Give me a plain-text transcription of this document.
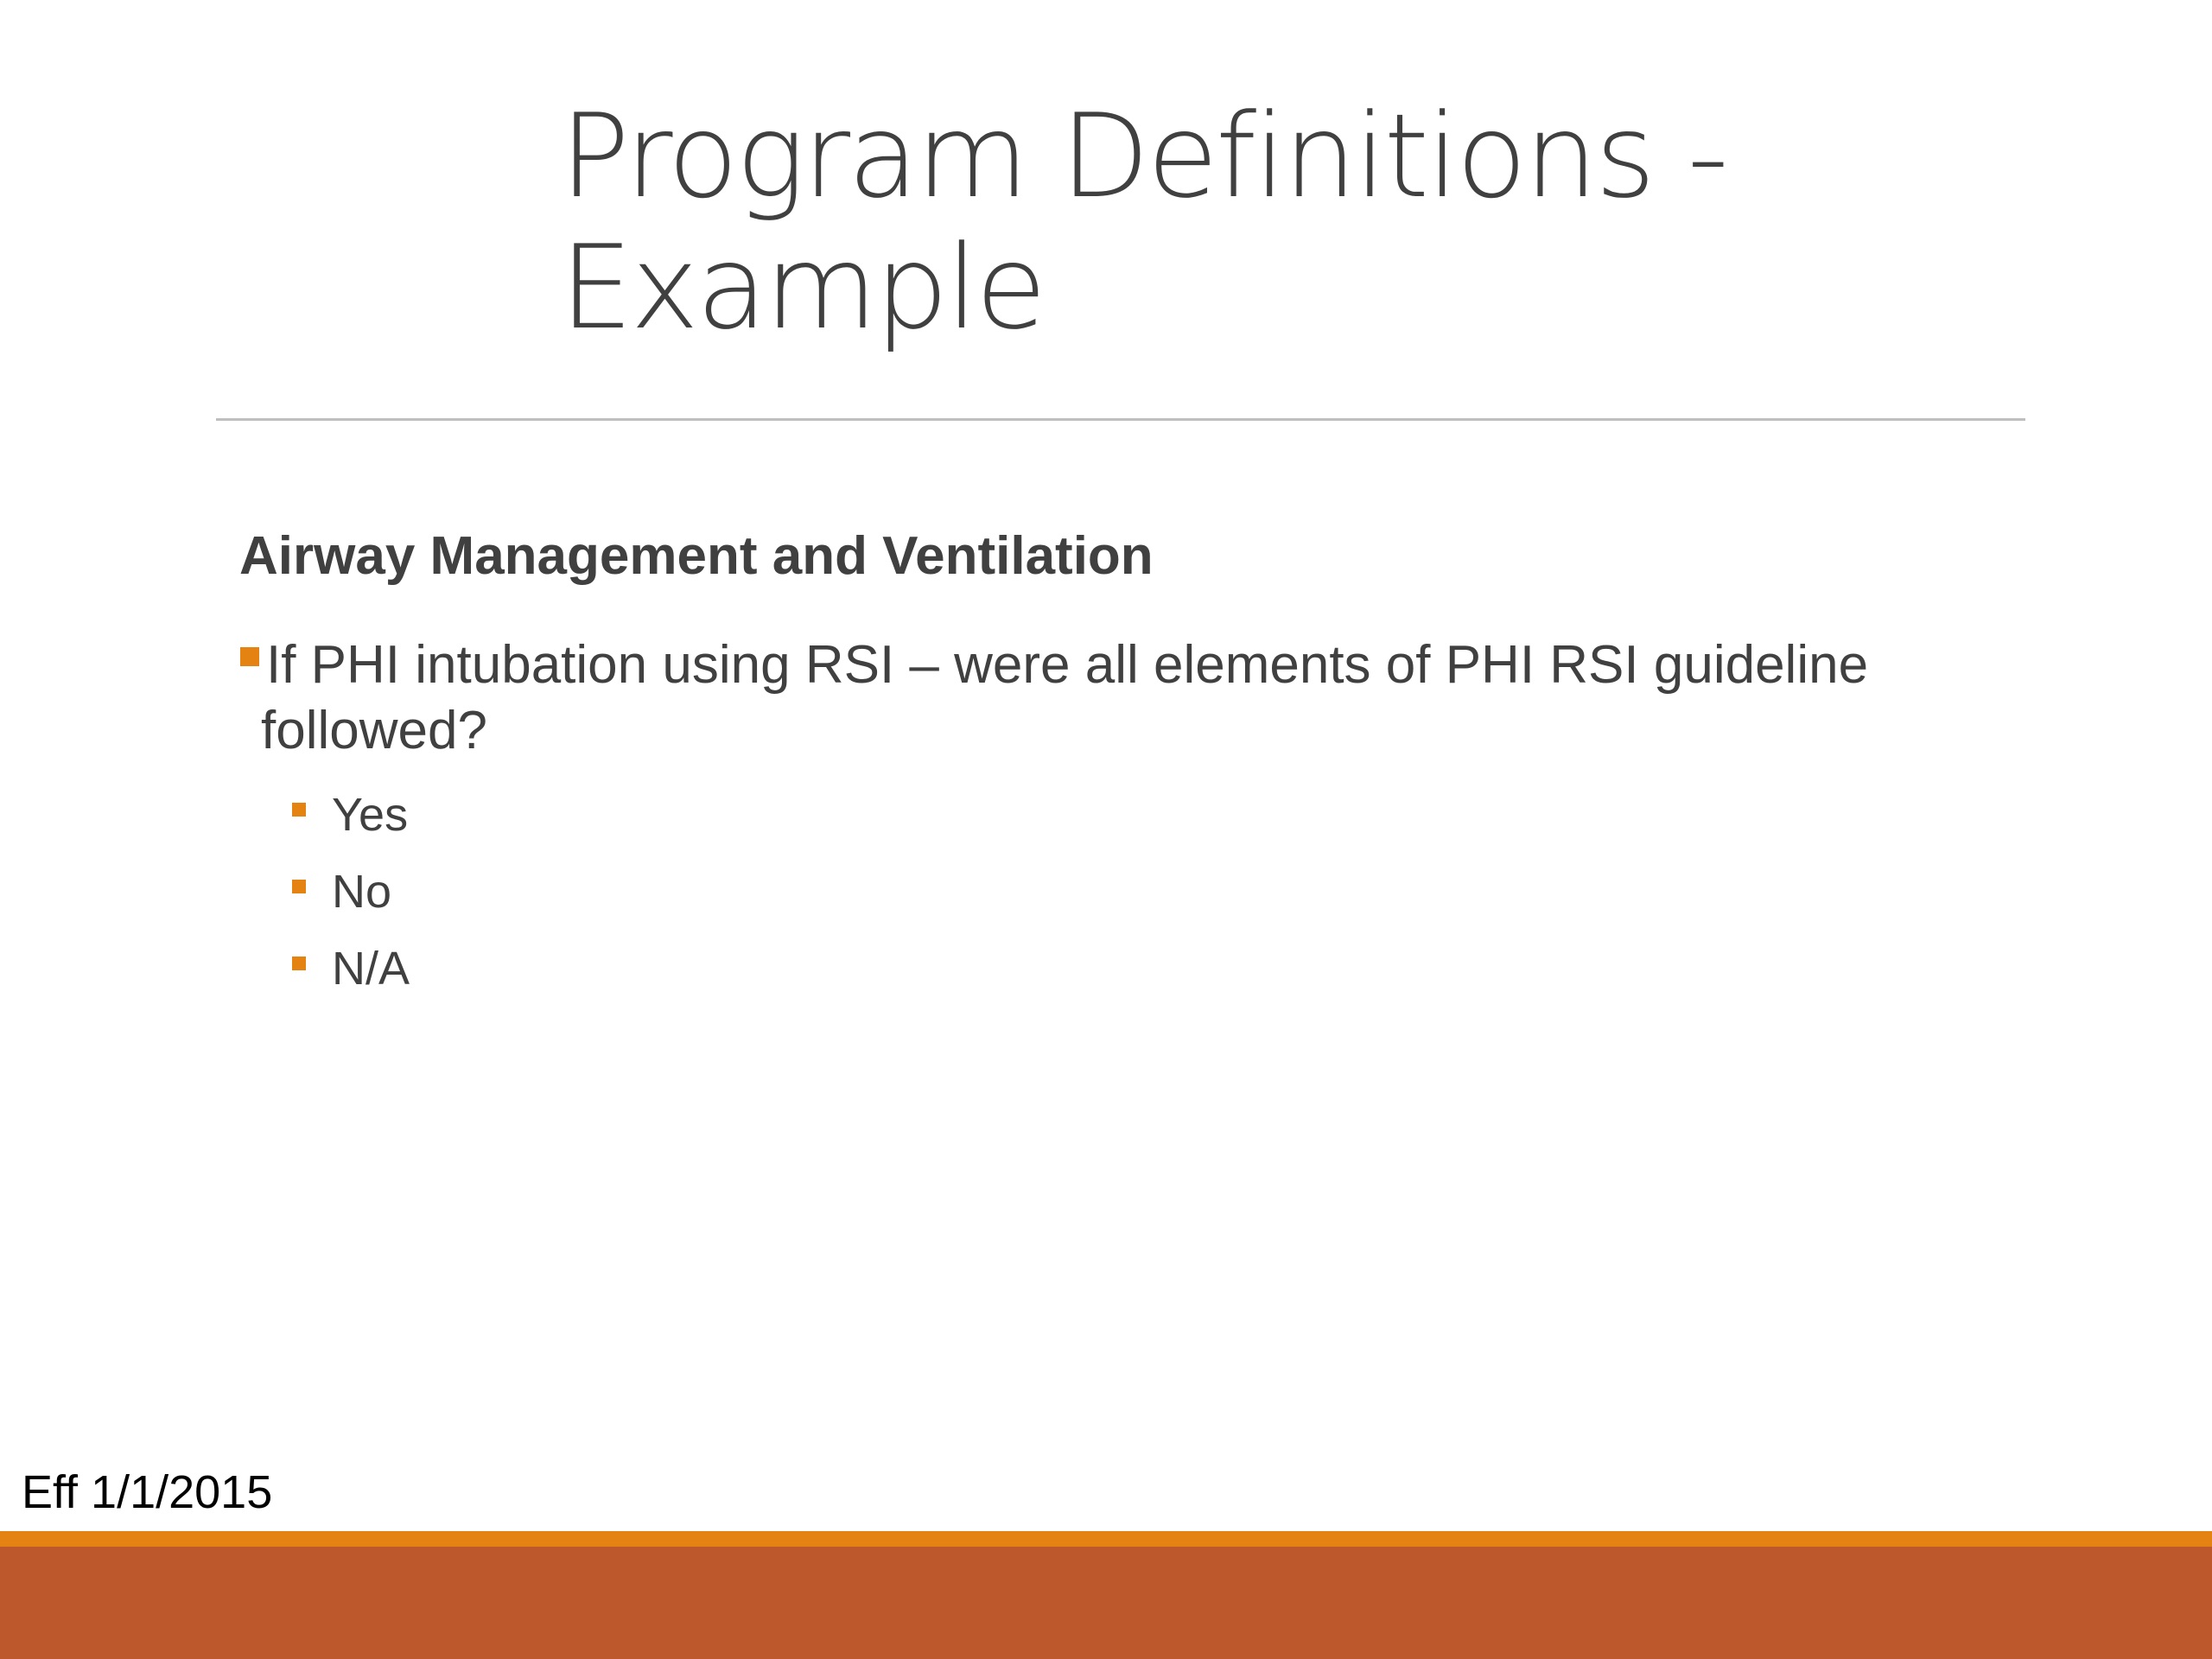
Program Definitions -
Example
Airway Management and Ventilation
If PHI intubation using RSI – were all elements of PHI RSI guideline
followed?
Yes
No
N/A
Eff 1/1/2015
